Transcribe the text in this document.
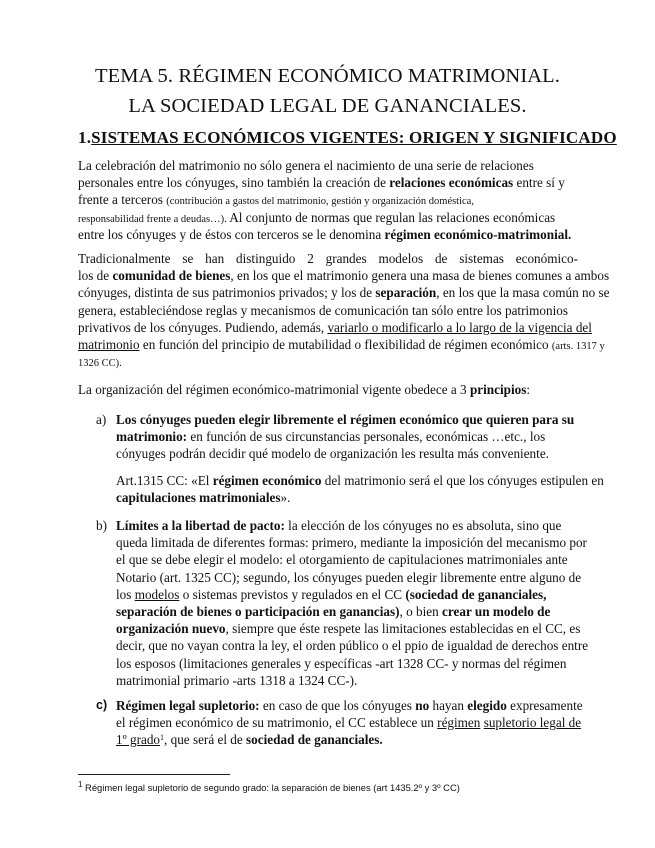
TEMA 5. RÉGIMEN ECONÓMICO MATRIMONIAL.
LA SOCIEDAD LEGAL DE GANANCIALES.
1.SISTEMAS ECONÓMICOS VIGENTES: ORIGEN Y SIGNIFICADO
La celebración del matrimonio no sólo genera el nacimiento de una serie de relaciones
personales entre los cónyuges, sino también la creación de relaciones económicas entre sí y
frente a terceros (contribución a gastos del matrimonio, gestión y organización doméstica,
responsabilidad frente a deudas…). Al conjunto de normas que regulan las relaciones económicas
entre los cónyuges y de éstos con terceros se le denomina régimen económico-matrimonial.
Tradicionalmente se han distinguido 2 grandes modelos de sistemas económico-
los de comunidad de bienes, en los que el matrimonio genera una masa de bienes comunes a ambos
cónyuges, distinta de sus patrimonios privados; y los de separación, en los que la masa común no se
genera, estableciéndose reglas y mecanismos de comunicación tan sólo entre los patrimonios
privativos de los cónyuges. Pudiendo, además, variarlo o modificarlo a lo largo de la vigencia del
matrimonio en función del principio de mutabilidad o flexibilidad de régimen económico (arts. 1317 y
1326 CC).
La organización del régimen económico-matrimonial vigente obedece a 3 principios:
a) Los cónyuges pueden elegir libremente el régimen económico que quieren para su
matrimonio: en función de sus circunstancias personales, económicas …etc., los
cónyuges podrán decidir qué modelo de organización les resulta más conveniente.
Art.1315 CC: «El régimen económico del matrimonio será el que los cónyuges estipulen en
capitulaciones matrimoniales».
b) Límites a la libertad de pacto: la elección de los cónyuges no es absoluta, sino que
queda limitada de diferentes formas: primero, mediante la imposición del mecanismo por
el que se debe elegir el modelo: el otorgamiento de capitulaciones matrimoniales ante
Notario (art. 1325 CC); segundo, los cónyuges pueden elegir libremente entre alguno de
los modelos o sistemas previstos y regulados en el CC (sociedad de gananciales,
separación de bienes o participación en ganancias), o bien crear un modelo de
organización nuevo, siempre que éste respete las limitaciones establecidas en el CC, es
decir, que no vayan contra la ley, el orden público o el ppio de igualdad de derechos entre
los esposos (limitaciones generales y específicas -art 1328 CC- y normas del régimen
matrimonial primario -arts 1318 a 1324 CC-).
c) Régimen legal supletorio: en caso de que los cónyuges no hayan elegido expresamente
el régimen económico de su matrimonio, el CC establece un régimen supletorio legal de
1º grado$^1$, que será el de sociedad de gananciales.
$^1$ Régimen legal supletorio de segundo grado: la separación de bienes (art 1435.2º y 3º CC)
